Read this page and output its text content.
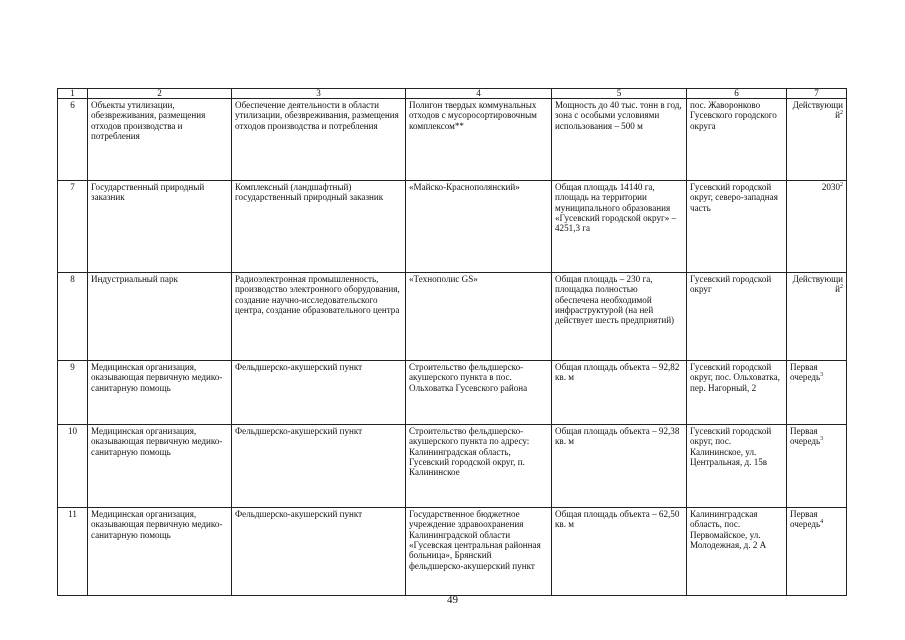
1	2	3	4	5	6	7
6	Объекты утилизации, обезвреживания, размещения отходов производства и потребления	Обеспечение деятельности в области утилизации, обезвреживания, размещения отходов производства и потребления	Полигон твердых коммунальных отходов с мусоросортировочным комплексом**	Мощность до 40 тыс. тонн в год, зона с особыми условиями использования – 500 м	пос. Жаворонково Гусевского городского округа	Действующий$^2$
7	Государственный природный заказник	Комплексный (ландшафтный) государственный природный заказник	«Майско-Краснополянский»	Общая площадь 14140 га, площадь на территории муниципального образования «Гусевский городской округ» – 4251,3 га	Гусевский городской округ, северо-западная часть	2030$^2$
8	Индустриальный парк	Радиоэлектронная промышленность, производство электронного оборудования, создание научно-исследовательского центра, создание образовательного центра	«Технополис GS»	Общая площадь – 230 га, площадка полностью обеспечена необходимой инфраструктурой (на ней действует шесть предприятий)	Гусевский городской округ	Действующий$^2$
9	Медицинская организация, оказывающая первичную медико-санитарную помощь	Фельдшерско-акушерский пункт	Строительство фельдшерско-акушерского пункта в пос. Ольховатка Гусевского района	Общая площадь объекта – 92,82 кв. м	Гусевский городской округ, пос. Ольховатка, пер. Нагорный, 2	Первая очередь$^3$
10	Медицинская организация, оказывающая первичную медико-санитарную помощь	Фельдшерско-акушерский пункт	Строительство фельдшерско-акушерского пункта по адресу: Калининградская область, Гусевский городской округ, п. Калининское	Общая площадь объекта – 92,38 кв. м	Гусевский городской округ, пос. Калининское, ул. Центральная, д. 15в	Первая очередь$^3$
11	Медицинская организация, оказывающая первичную медико-санитарную помощь	Фельдшерско-акушерский пункт	Государственное бюджетное учреждение здравоохранения Калининградской области «Гусевская центральная районная больница», Брянский фельдшерско-акушерский пункт	Общая площадь объекта – 62,50 кв. м	Калининградская область, пос. Первомайское, ул. Молодежная, д. 2 А	Первая очередь$^4$
49
